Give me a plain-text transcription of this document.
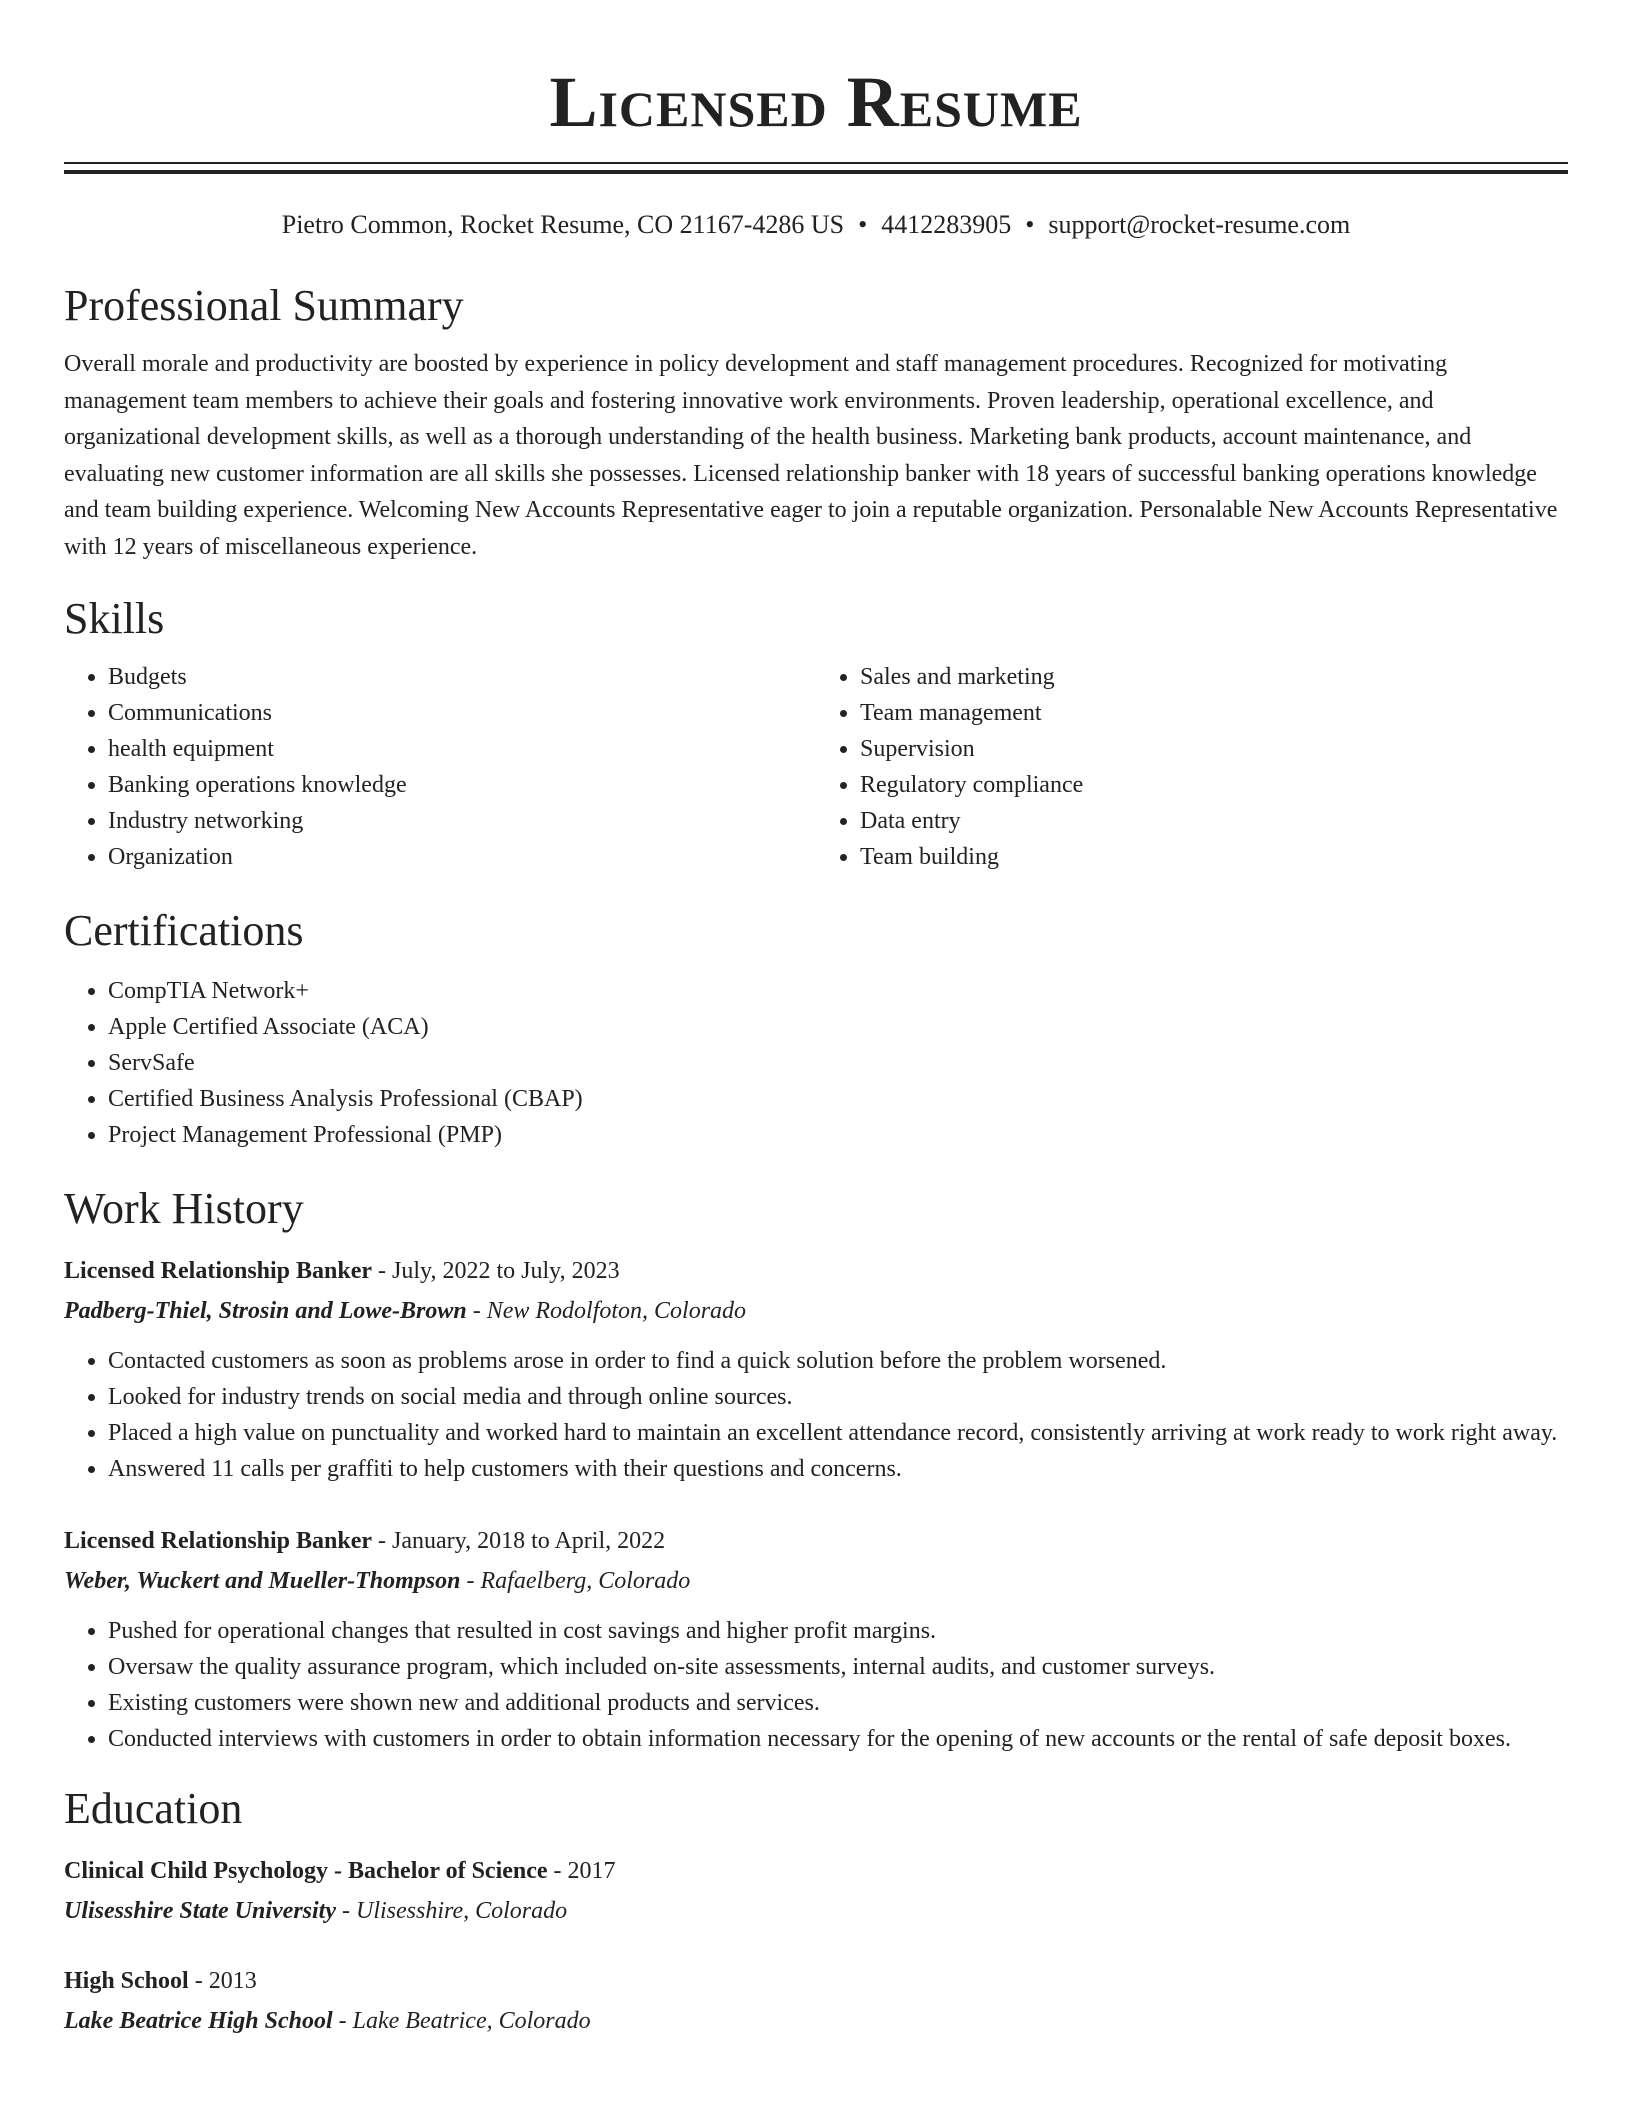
Licensed Resume
Pietro Common, Rocket Resume, CO 21167-4286 US • 4412283905 • support@rocket-resume.com
Professional Summary

Overall morale and productivity are boosted by experience in policy development and staff management procedures. Recognized for motivating management team members to achieve their goals and fostering innovative work environments. Proven leadership, operational excellence, and organizational development skills, as well as a thorough understanding of the health business. Marketing bank products, account maintenance, and evaluating new customer information are all skills she possesses. Licensed relationship banker with 18 years of successful banking operations knowledge and team building experience. Welcoming New Accounts Representative eager to join a reputable organization. Personalable New Accounts Representative with 12 years of miscellaneous experience.

Skills
• Budgets
• Communications
• health equipment
• Banking operations knowledge
• Industry networking
• Organization
• Sales and marketing
• Team management
• Supervision
• Regulatory compliance
• Data entry
• Team building
Certifications
• CompTIA Network+
• Apple Certified Associate (ACA)
• ServSafe
• Certified Business Analysis Professional (CBAP)
• Project Management Professional (PMP)
Work History
Licensed Relationship Banker - July, 2022 to July, 2023
Padberg-Thiel, Strosin and Lowe-Brown - New Rodolfoton, Colorado
• Contacted customers as soon as problems arose in order to find a quick solution before the problem worsened.
• Looked for industry trends on social media and through online sources.
• Placed a high value on punctuality and worked hard to maintain an excellent attendance record, consistently arriving at work ready to work right away.
• Answered 11 calls per graffiti to help customers with their questions and concerns.
Licensed Relationship Banker - January, 2018 to April, 2022
Weber, Wuckert and Mueller-Thompson - Rafaelberg, Colorado
• Pushed for operational changes that resulted in cost savings and higher profit margins.
• Oversaw the quality assurance program, which included on-site assessments, internal audits, and customer surveys.
• Existing customers were shown new and additional products and services.
• Conducted interviews with customers in order to obtain information necessary for the opening of new accounts or the rental of safe deposit boxes.
Education
Clinical Child Psychology - Bachelor of Science - 2017
Ulisesshire State University - Ulisesshire, Colorado
High School - 2013
Lake Beatrice High School - Lake Beatrice, Colorado
